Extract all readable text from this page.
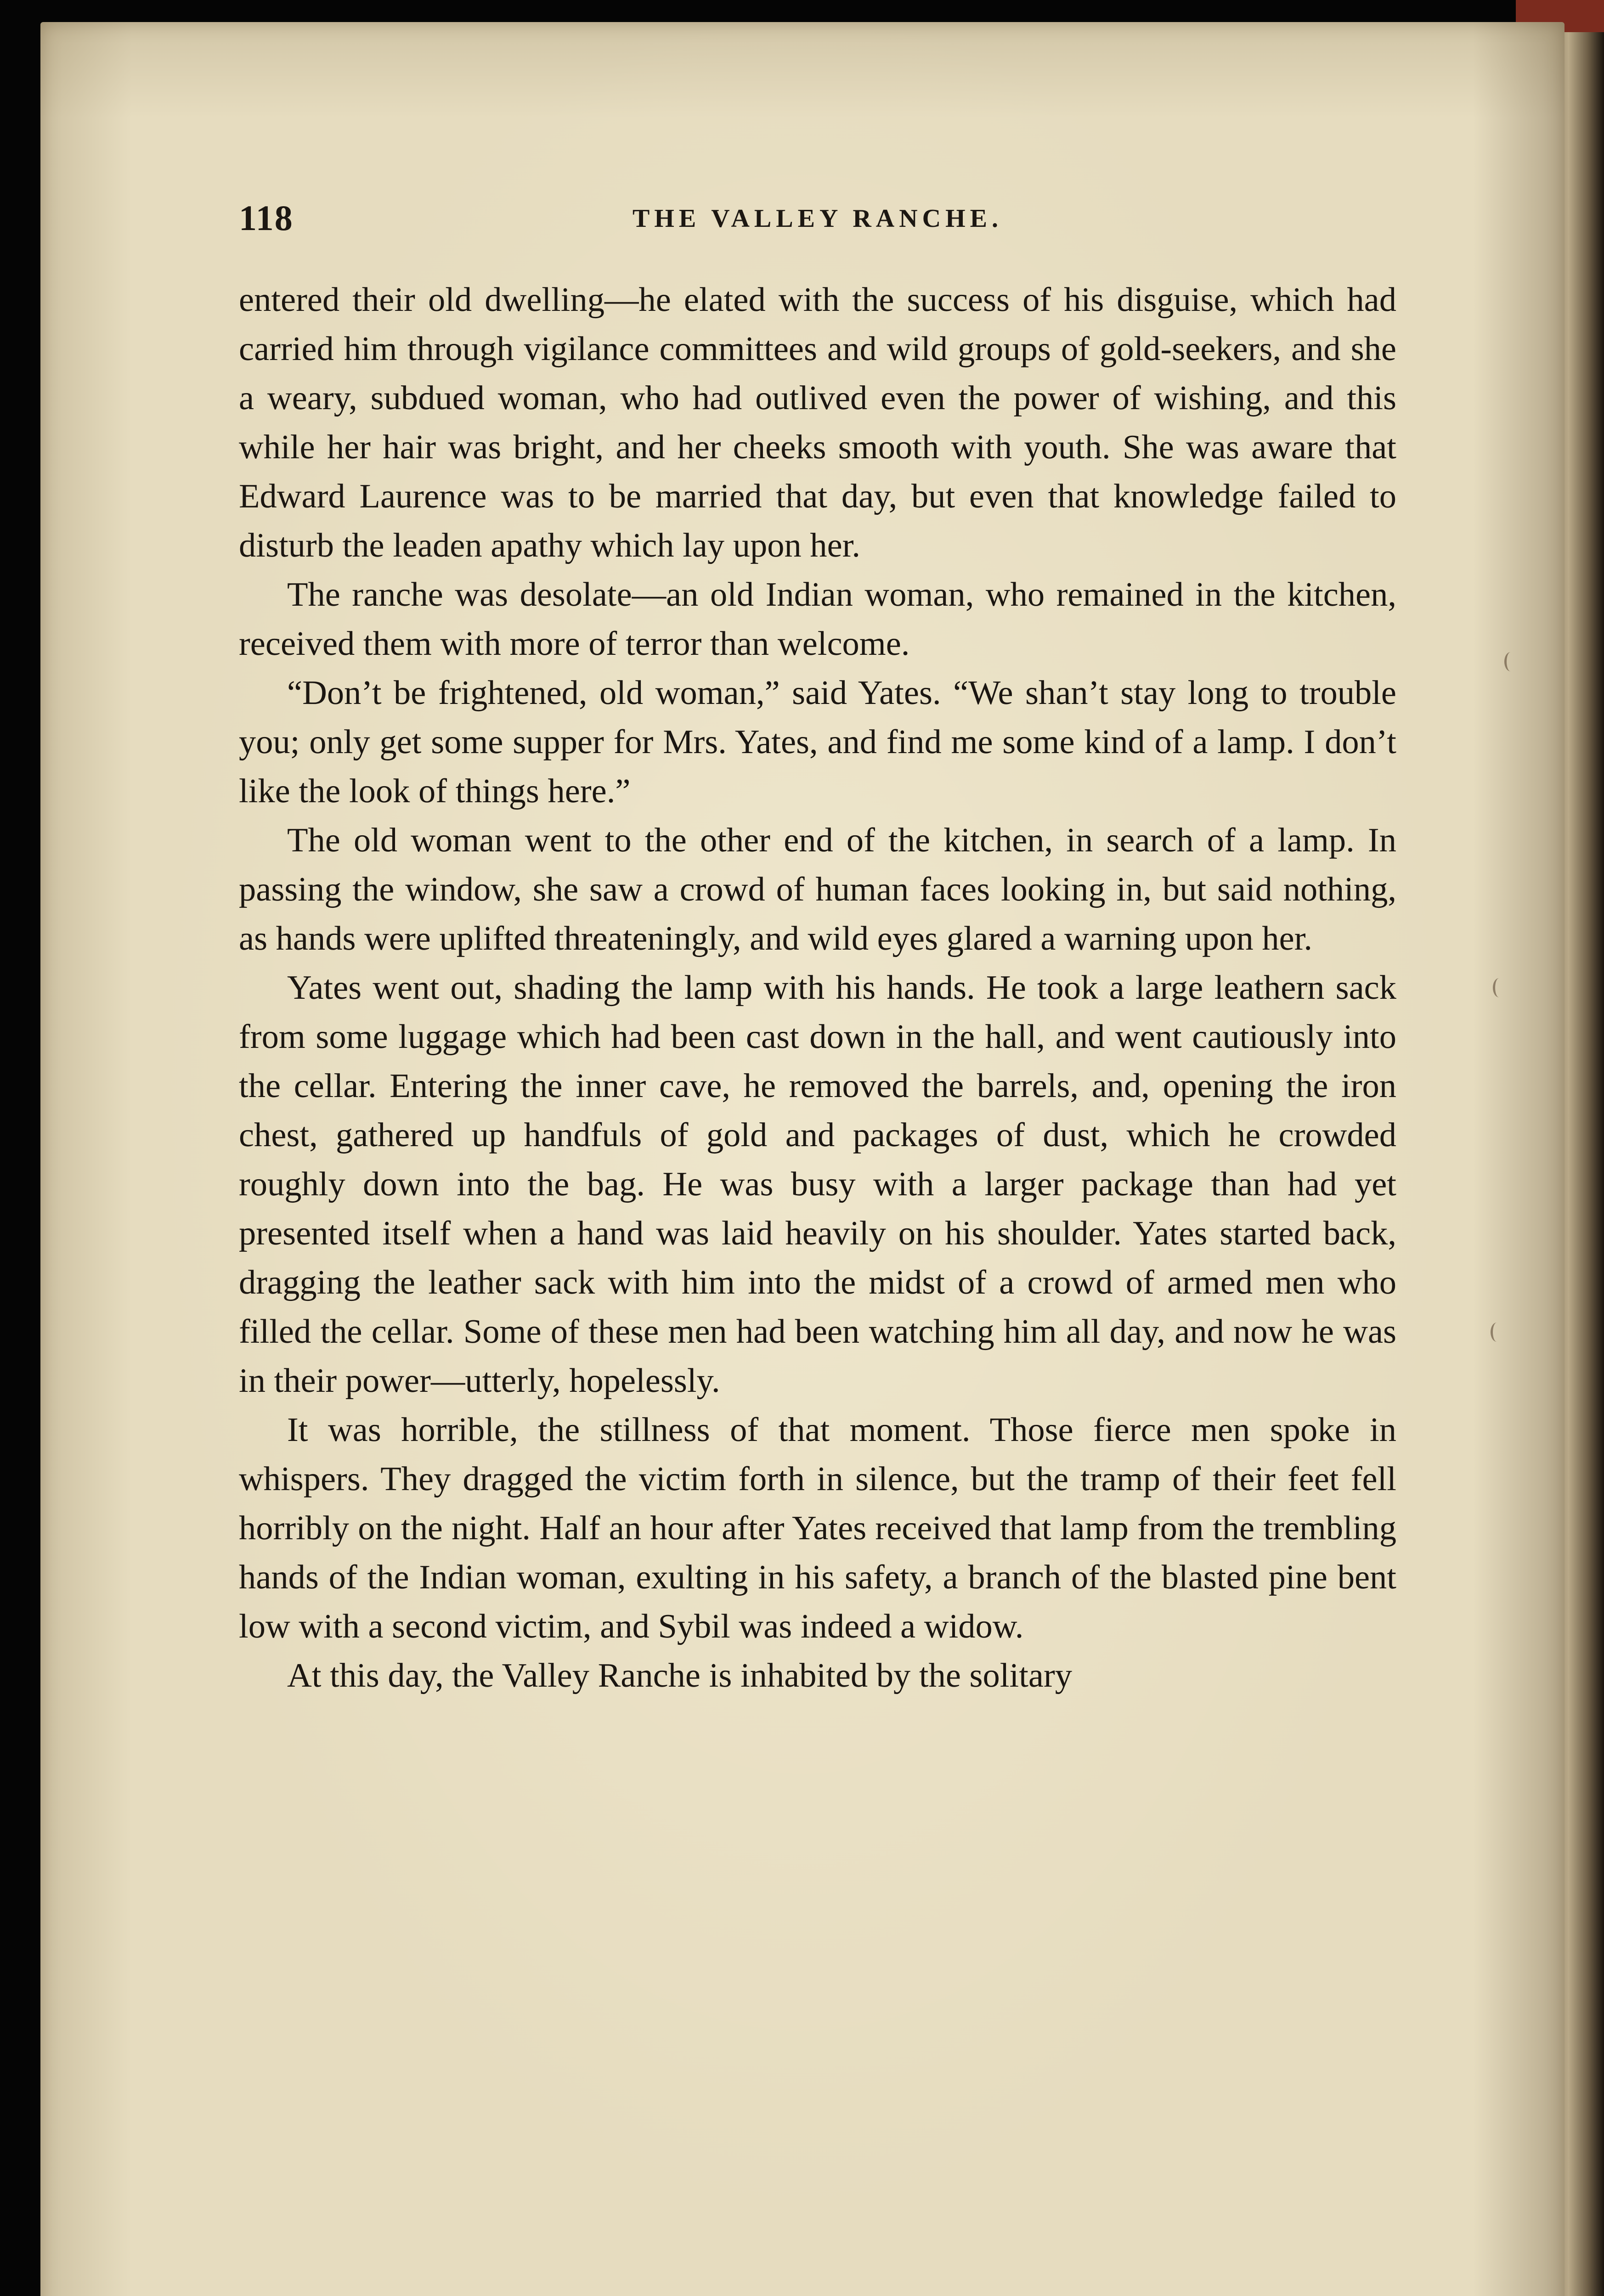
118	THE VALLEY RANCHE.

entered their old dwelling—he elated with the success of his disguise, which had carried him through vigilance committees and wild groups of gold-seekers, and she a weary, subdued woman, who had outlived even the power of wishing, and this while her hair was bright, and her cheeks smooth with youth. She was aware that Edward Laurence was to be married that day, but even that knowledge failed to disturb the leaden apathy which lay upon her.

The ranche was desolate—an old Indian woman, who remained in the kitchen, received them with more of terror than welcome.

“Don’t be frightened, old woman,” said Yates. “We shan’t stay long to trouble you; only get some supper for Mrs. Yates, and find me some kind of a lamp. I don’t like the look of things here.”

The old woman went to the other end of the kitchen, in search of a lamp. In passing the window, she saw a crowd of human faces looking in, but said nothing, as hands were uplifted threateningly, and wild eyes glared a warning upon her.

Yates went out, shading the lamp with his hands. He took a large leathern sack from some luggage which had been cast down in the hall, and went cautiously into the cellar. Entering the inner cave, he removed the barrels, and, opening the iron chest, gathered up handfuls of gold and packages of dust, which he crowded roughly down into the bag. He was busy with a larger package than had yet presented itself when a hand was laid heavily on his shoulder. Yates started back, dragging the leather sack with him into the midst of a crowd of armed men who filled the cellar. Some of these men had been watching him all day, and now he was in their power—utterly, hopelessly.

It was horrible, the stillness of that moment. Those fierce men spoke in whispers. They dragged the victim forth in silence, but the tramp of their feet fell horribly on the night. Half an hour after Yates received that lamp from the trembling hands of the Indian woman, exulting in his safety, a branch of the blasted pine bent low with a second victim, and Sybil was indeed a widow.

At this day, the Valley Ranche is inhabited by the solitary
